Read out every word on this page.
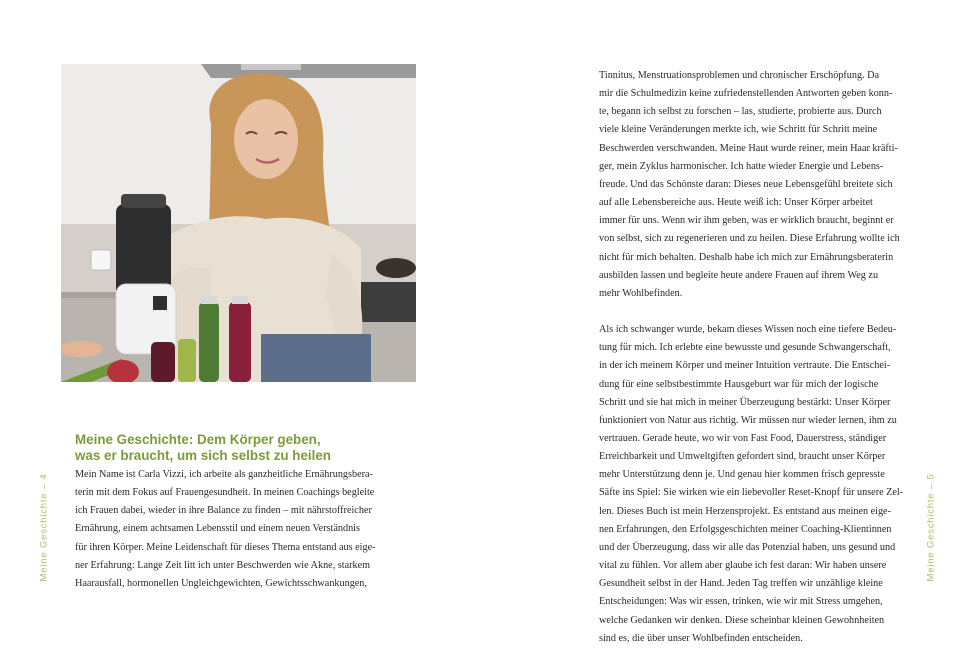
Meine Geschichte: Dem Körper geben,
was er braucht, um sich selbst zu heilen
Mein Name ist Carla Vizzi, ich arbeite als ganzheitliche Ernährungsbera-
terin mit dem Fokus auf Frauengesundheit. In meinen Coachings begleite
ich Frauen dabei, wieder in ihre Balance zu finden – mit nährstoffreicher
Ernährung, einem achtsamen Lebensstil und einem neuen Verständnis
für ihren Körper. Meine Leidenschaft für dieses Thema entstand aus eige-
ner Erfahrung: Lange Zeit litt ich unter Beschwerden wie Akne, starkem
Haarausfall, hormonellen Ungleichgewichten, Gewichtsschwankungen,
Meine Geschichte – 4
Tinnitus, Menstruationsproblemen und chronischer Erschöpfung. Da
mir die Schulmedizin keine zufriedenstellenden Antworten geben konn-
te, begann ich selbst zu forschen – las, studierte, probierte aus. Durch
viele kleine Veränderungen merkte ich, wie Schritt für Schritt meine
Beschwerden verschwanden. Meine Haut wurde reiner, mein Haar kräfti-
ger, mein Zyklus harmonischer. Ich hatte wieder Energie und Lebens-
freude. Und das Schönste daran: Dieses neue Lebensgefühl breitete sich
auf alle Lebensbereiche aus. Heute weiß ich: Unser Körper arbeitet
immer für uns. Wenn wir ihm geben, was er wirklich braucht, beginnt er
von selbst, sich zu regenerieren und zu heilen. Diese Erfahrung wollte ich
nicht für mich behalten. Deshalb habe ich mich zur Ernährungsberaterin
ausbilden lassen und begleite heute andere Frauen auf ihrem Weg zu
mehr Wohlbefinden.
Als ich schwanger wurde, bekam dieses Wissen noch eine tiefere Bedeu-
tung für mich. Ich erlebte eine bewusste und gesunde Schwangerschaft,
in der ich meinem Körper und meiner Intuition vertraute. Die Entschei-
dung für eine selbstbestimmte Hausgeburt war für mich der logische
Schritt und sie hat mich in meiner Überzeugung bestärkt: Unser Körper
funktioniert von Natur aus richtig. Wir müssen nur wieder lernen, ihm zu
vertrauen. Gerade heute, wo wir von Fast Food, Dauerstress, ständiger
Erreichbarkeit und Umweltgiften gefordert sind, braucht unser Körper
mehr Unterstützung denn je. Und genau hier kommen frisch gepresste
Säfte ins Spiel: Sie wirken wie ein liebevoller Reset-Knopf für unsere Zel-
len. Dieses Buch ist mein Herzensprojekt. Es entstand aus meinen eige-
nen Erfahrungen, den Erfolgsgeschichten meiner Coaching-Klientinnen
und der Überzeugung, dass wir alle das Potenzial haben, uns gesund und
vital zu fühlen. Vor allem aber glaube ich fest daran: Wir haben unsere
Gesundheit selbst in der Hand. Jeden Tag treffen wir unzählige kleine
Entscheidungen: Was wir essen, trinken, wie wir mit Stress umgehen,
welche Gedanken wir denken. Diese scheinbar kleinen Gewohnheiten
sind es, die über unser Wohlbefinden entscheiden.
Meine Geschichte – 5
